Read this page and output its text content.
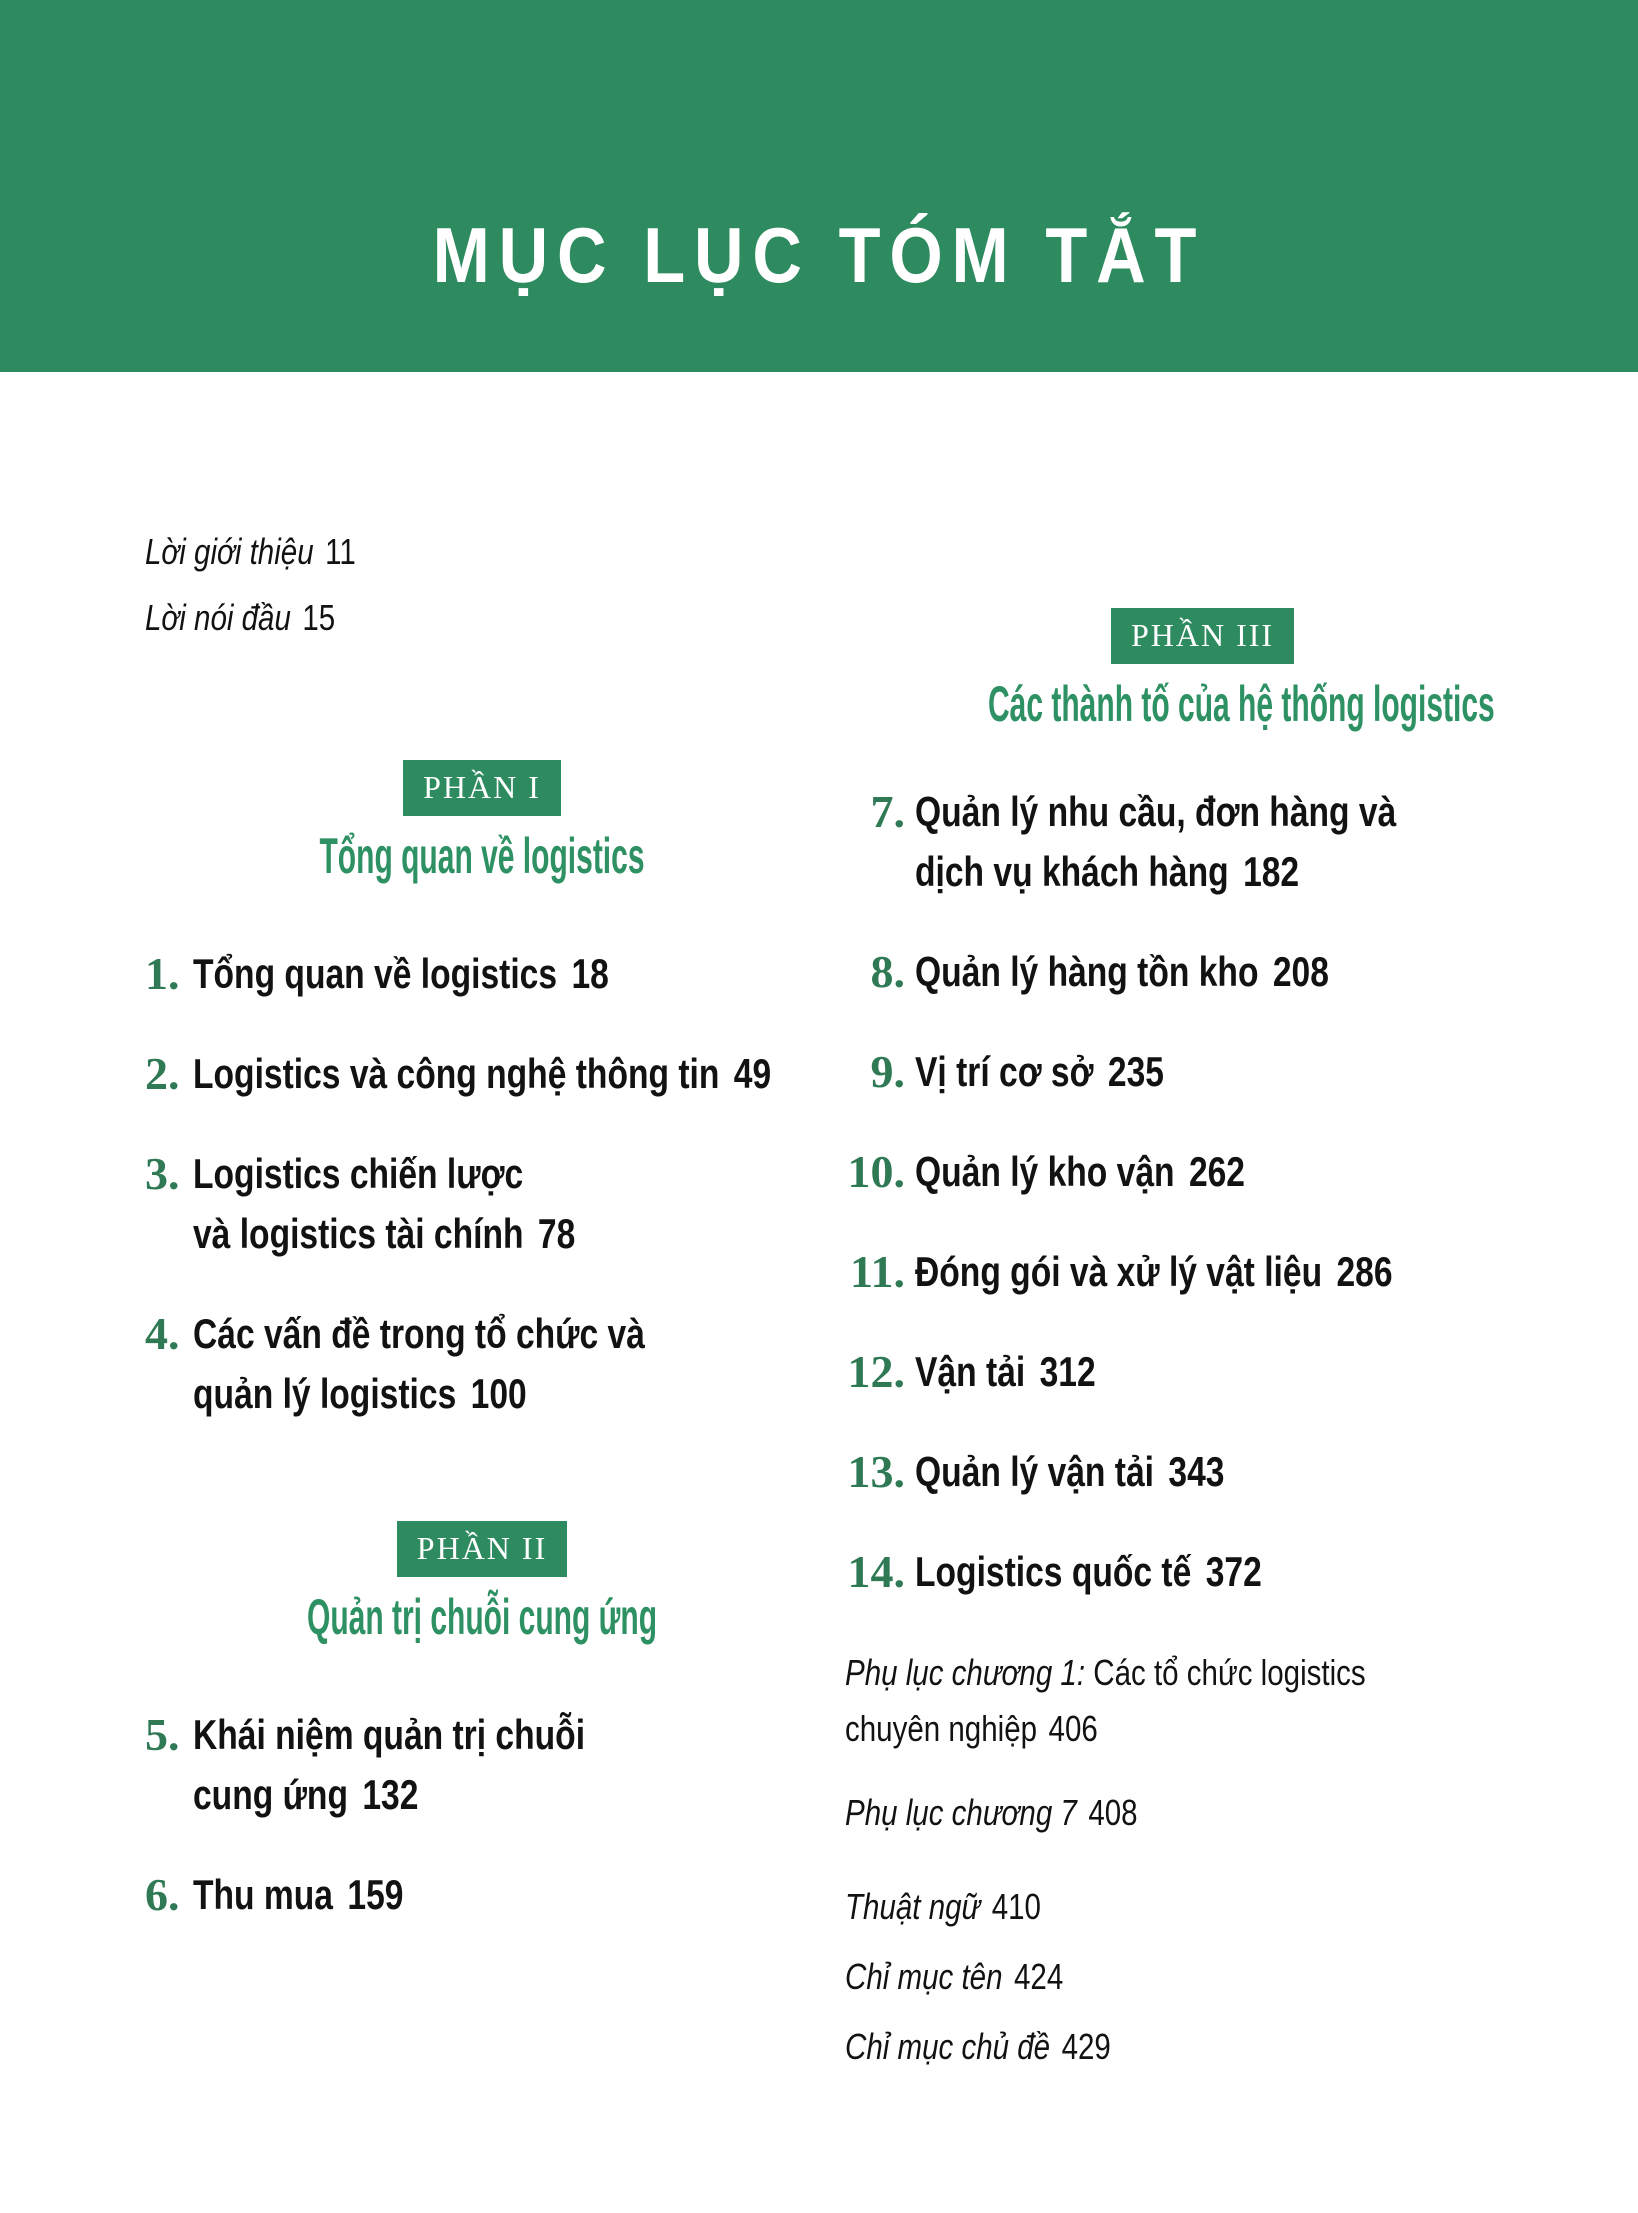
MỤC LỤC TÓM TẮT
Lời giới thiệu 11
Lời nói đầu 15
PHẦN I
Tổng quan về logistics
1. Tổng quan về logistics 18
2. Logistics và công nghệ thông tin 49
3. Logistics chiến lược
và logistics tài chính 78
4. Các vấn đề trong tổ chức và
quản lý logistics 100
PHẦN II
Quản trị chuỗi cung ứng
5. Khái niệm quản trị chuỗi
cung ứng 132
6. Thu mua 159
PHẦN III
Các thành tố của hệ thống logistics
7. Quản lý nhu cầu, đơn hàng và
dịch vụ khách hàng 182
8. Quản lý hàng tồn kho 208
9. Vị trí cơ sở 235
10. Quản lý kho vận 262
11. Đóng gói và xử lý vật liệu 286
12. Vận tải 312
13. Quản lý vận tải 343
14. Logistics quốc tế 372
Phụ lục chương 1: Các tổ chức logistics
chuyên nghiệp 406
Phụ lục chương 7 408
Thuật ngữ 410
Chỉ mục tên 424
Chỉ mục chủ đề 429
